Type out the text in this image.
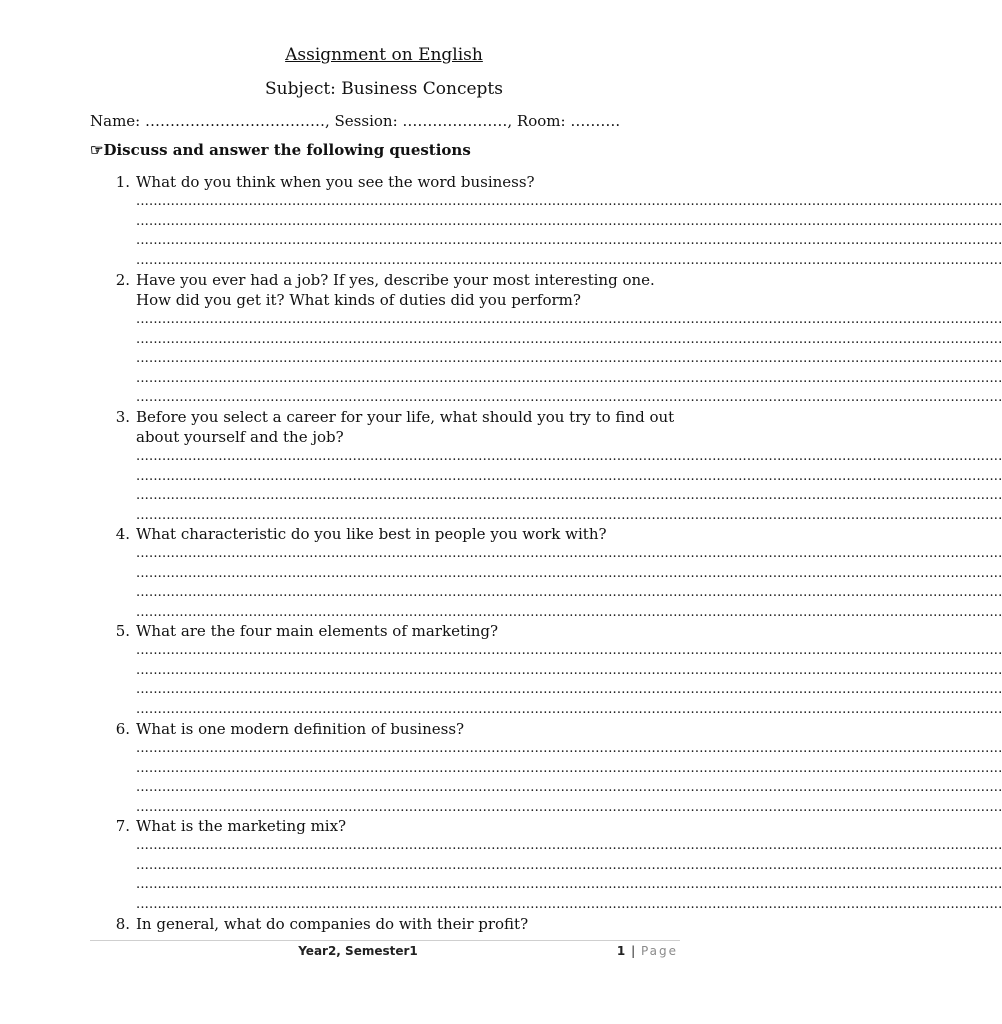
Assignment on English
Subject: Business Concepts
Name: ………………………………, Session: …………………, Room: ……….
☞Discuss and answer the following questions
1. What do you think when you see the word business?
........................................................................................................................................................................................................
........................................................................................................................................................................................................
........................................................................................................................................................................................................
........................................................................................................................................................................................................
2. Have you ever had a job? If yes, describe your most interesting one.
How did you get it? What kinds of duties did you perform?
........................................................................................................................................................................................................
........................................................................................................................................................................................................
........................................................................................................................................................................................................
........................................................................................................................................................................................................
........................................................................................................................................................................................................
3. Before you select a career for your life, what should you try to find out
about yourself and the job?
........................................................................................................................................................................................................
........................................................................................................................................................................................................
........................................................................................................................................................................................................
........................................................................................................................................................................................................
4. What characteristic do you like best in people you work with?
........................................................................................................................................................................................................
........................................................................................................................................................................................................
........................................................................................................................................................................................................
........................................................................................................................................................................................................
5. What are the four main elements of marketing?
........................................................................................................................................................................................................
........................................................................................................................................................................................................
........................................................................................................................................................................................................
........................................................................................................................................................................................................
6. What is one modern definition of business?
........................................................................................................................................................................................................
........................................................................................................................................................................................................
........................................................................................................................................................................................................
........................................................................................................................................................................................................
7. What is the marketing mix?
........................................................................................................................................................................................................
........................................................................................................................................................................................................
........................................................................................................................................................................................................
........................................................................................................................................................................................................
8. In general, what do companies do with their profit?
Year2, Semester1	1 | Page
